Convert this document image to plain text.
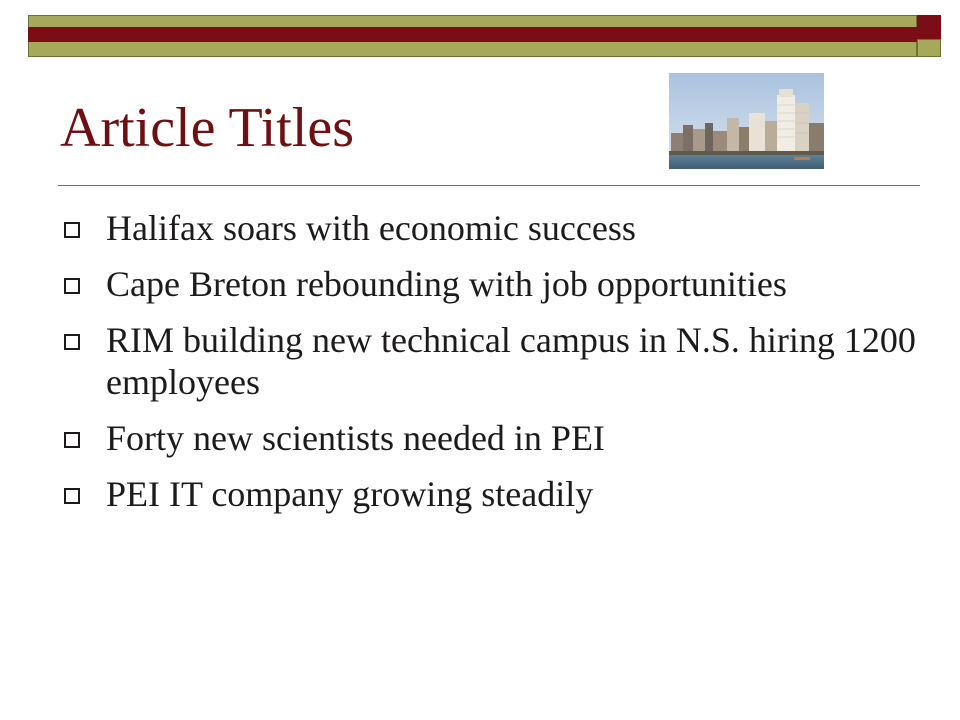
Article Titles
Halifax soars with economic success
Cape Breton rebounding with job opportunities
RIM building new technical campus in N.S. hiring 1200 employees
Forty new scientists needed in PEI
PEI IT company growing steadily
